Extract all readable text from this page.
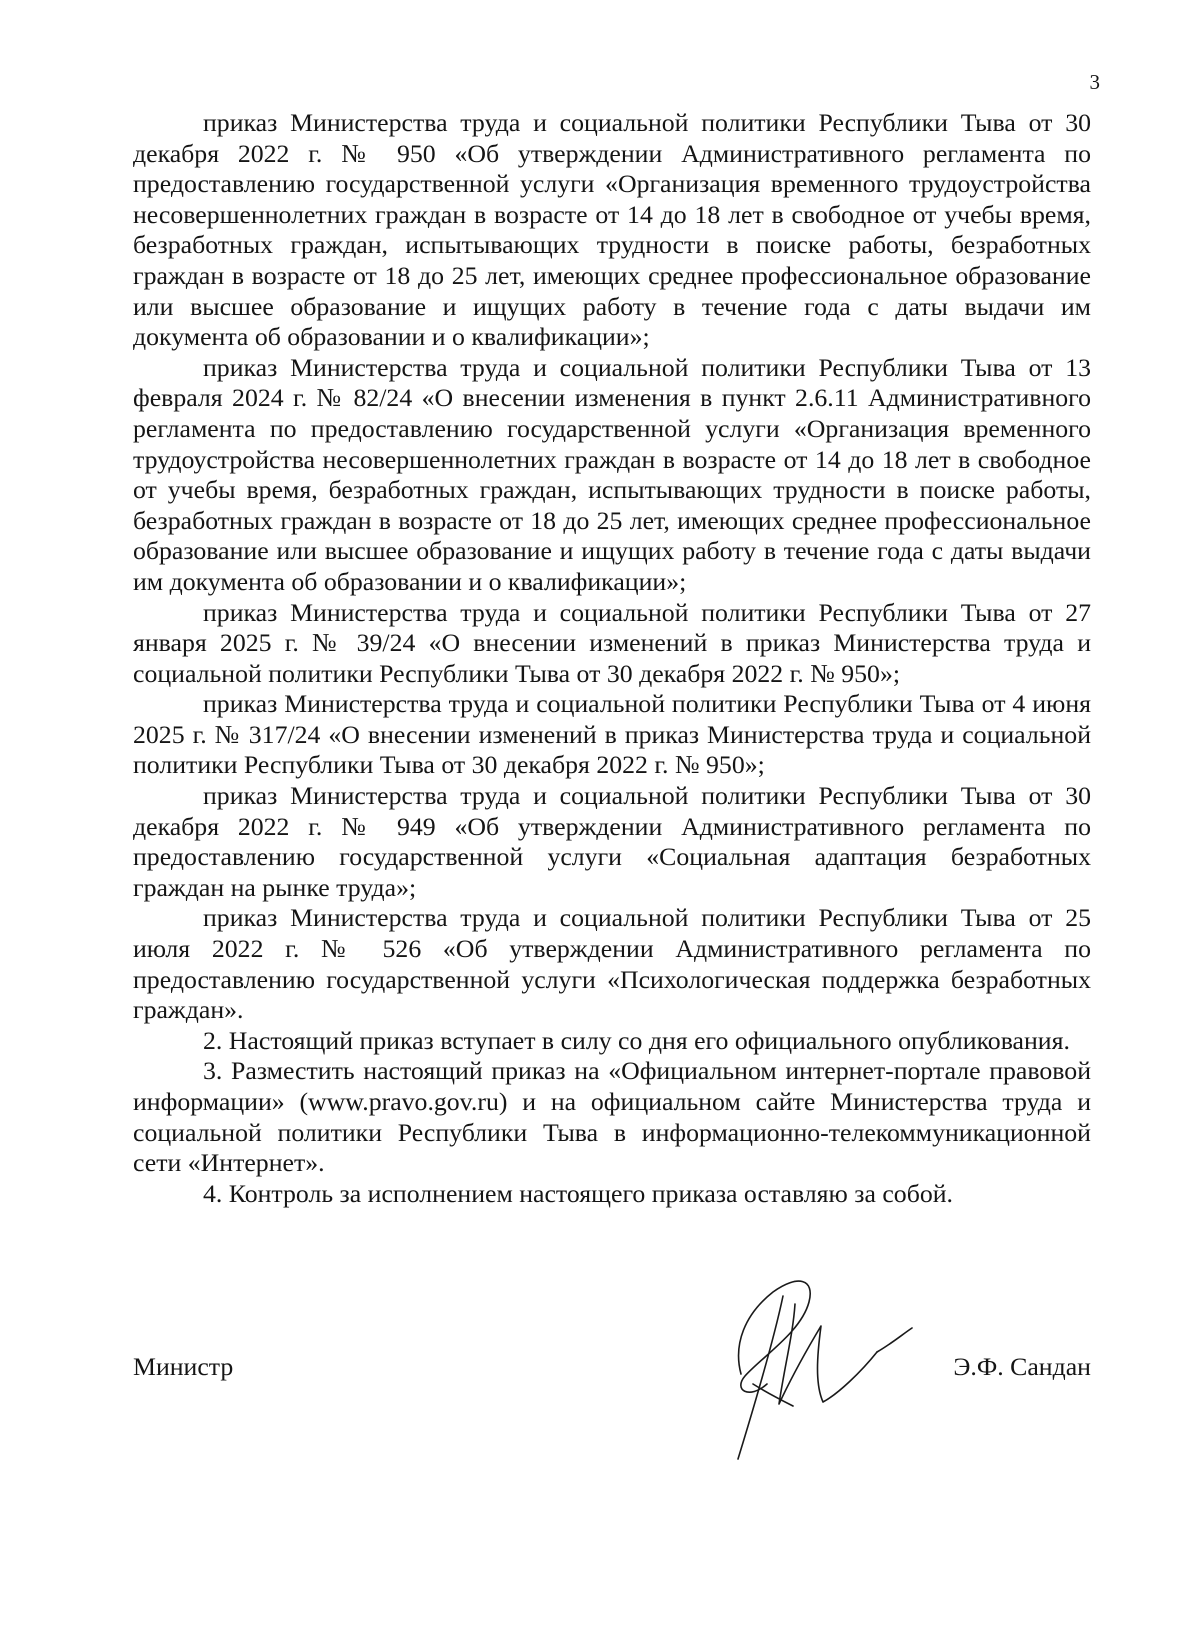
3

приказ Министерства труда и социальной политики Республики Тыва от 30 декабря 2022 г. № 950 «Об утверждении Административного регламента по предоставлению государственной услуги «Организация временного трудоустройства несовершеннолетних граждан в возрасте от 14 до 18 лет в свободное от учебы время, безработных граждан, испытывающих трудности в поиске работы, безработных граждан в возрасте от 18 до 25 лет, имеющих среднее профессиональное образование или высшее образование и ищущих работу в течение года с даты выдачи им документа об образовании и о квалификации»;

приказ Министерства труда и социальной политики Республики Тыва от 13 февраля 2024 г. № 82/24 «О внесении изменения в пункт 2.6.11 Административного регламента по предоставлению государственной услуги «Организация временного трудоустройства несовершеннолетних граждан в возрасте от 14 до 18 лет в свободное от учебы время, безработных граждан, испытывающих трудности в поиске работы, безработных граждан в возрасте от 18 до 25 лет, имеющих среднее профессиональное образование или высшее образование и ищущих работу в течение года с даты выдачи им документа об образовании и о квалификации»;

приказ Министерства труда и социальной политики Республики Тыва от 27 января 2025 г. № 39/24 «О внесении изменений в приказ Министерства труда и социальной политики Республики Тыва от 30 декабря 2022 г. № 950»;

приказ Министерства труда и социальной политики Республики Тыва от 4 июня 2025 г. № 317/24 «О внесении изменений в приказ Министерства труда и социальной политики Республики Тыва от 30 декабря 2022 г. № 950»;

приказ Министерства труда и социальной политики Республики Тыва от 30 декабря 2022 г. № 949 «Об утверждении Административного регламента по предоставлению государственной услуги «Социальная адаптация безработных граждан на рынке труда»;

приказ Министерства труда и социальной политики Республики Тыва от 25 июля 2022 г. № 526 «Об утверждении Административного регламента по предоставлению государственной услуги «Психологическая поддержка безработных граждан».

2. Настоящий приказ вступает в силу со дня его официального опубликования.

3. Разместить настоящий приказ на «Официальном интернет-портале правовой информации» (www.pravo.gov.ru) и на официальном сайте Министерства труда и социальной политики Республики Тыва в информационно-телекоммуникационной сети «Интернет».

4. Контроль за исполнением настоящего приказа оставляю за собой.

Министр	Э.Ф. Сандан
